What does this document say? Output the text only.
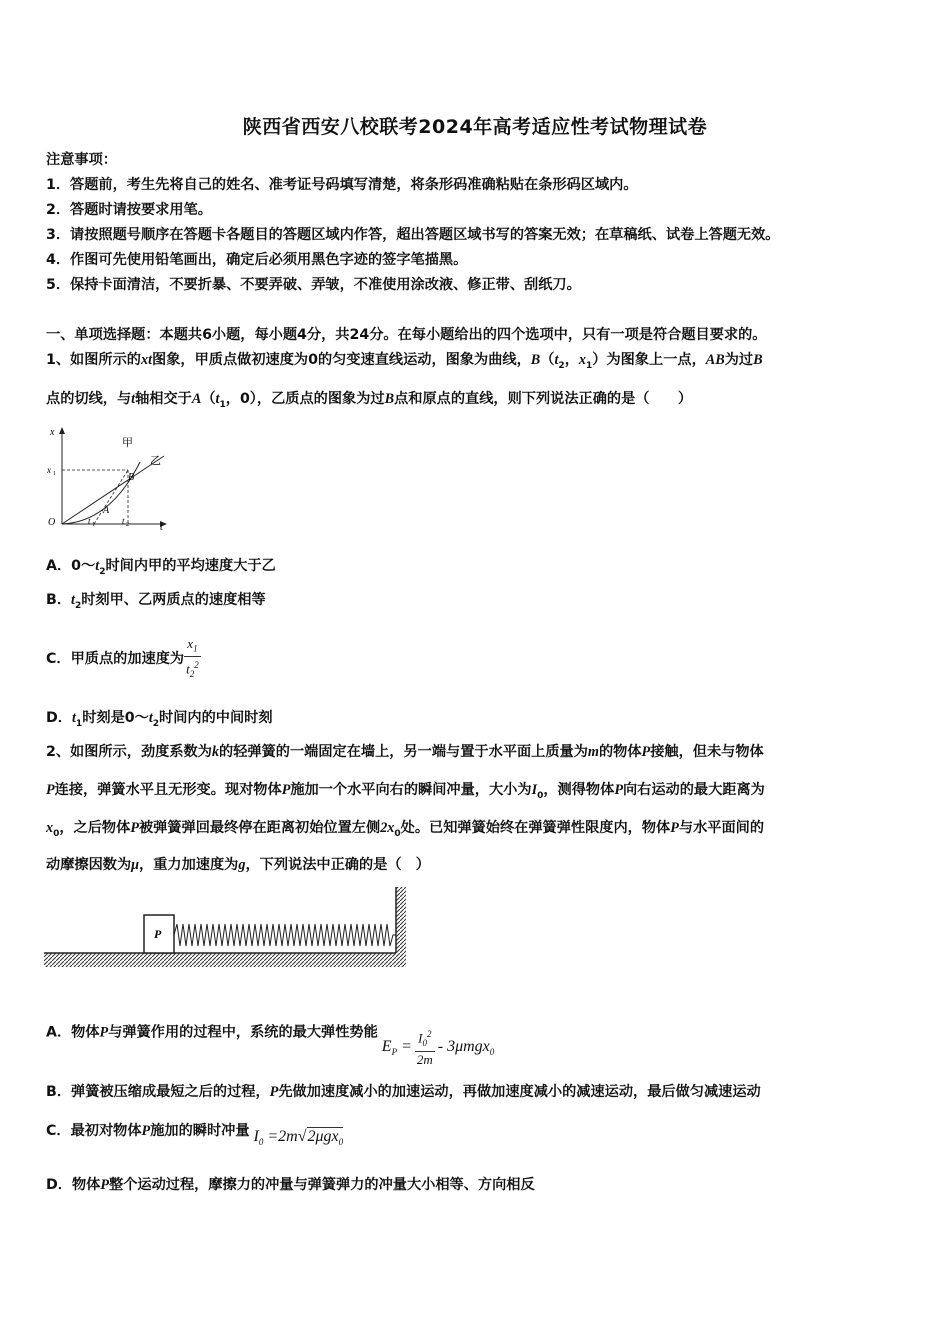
陕西省西安八校联考2024年高考适应性考试物理试卷
注意事项：
1．答题前，考生先将自己的姓名、准考证号码填写清楚，将条形码准确粘贴在条形码区域内。
2．答题时请按要求用笔。
3．请按照题号顺序在答题卡各题目的答题区域内作答，超出答题区域书写的答案无效；在草稿纸、试卷上答题无效。
4．作图可先使用铅笔画出，确定后必须用黑色字迹的签字笔描黑。
5．保持卡面清洁，不要折暴、不要弄破、弄皱，不准使用涂改液、修正带、刮纸刀。
一、单项选择题：本题共6小题，每小题4分，共24分。在每小题给出的四个选项中，只有一项是符合题目要求的。
1、如图所示的xt图象，甲质点做初速度为0的匀变速直线运动，图象为曲线，$B(t_2$，$x_1$）为图象上一点，AB为过B
点的切线，与t轴相交于$A(t_1$，0），乙质点的图象为过B点和原点的直线，则下列说法正确的是（　　）
x
t
O
x 1
t 1	t 2
甲
乙
A
B
A．$0\sim t_2$时间内甲的平均速度大于乙
B．$t_2$时刻甲、乙两质点的速度相等
C．甲质点的加速度为 $\frac{x_1}{t_2^2}$
D．$t_1$时刻是$0\sim t_2$时间内的中间时刻
2、如图所示，劲度系数为k的轻弹簧的一端固定在墙上，另一端与置于水平面上质量为m的物体P接触，但未与物体
P连接，弹簧水平且无形变。现对物体P施加一个水平向右的瞬间冲量，大小为$I_0$，测得物体P向右运动的最大距离为
$x_0$，之后物体P被弹簧弹回最终停在距离初始位置左侧$2x_0$处。已知弹簧始终在弹簧弹性限度内，物体P与水平面间的
动摩擦因数为μ，重力加速度为g，下列说法中正确的是（　）
P
A．物体P与弹簧作用的过程中，系统的最大弹性势能$E_P = \frac{I_0^2}{2m} - 3\mu mgx_0$
B．弹簧被压缩成最短之后的过程，P先做加速度减小的加速运动，再做加速度减小的减速运动，最后做匀减速运动
C．最初对物体P施加的瞬时冲量 $I_0 =2m√2\mu gx_0$
D．物体P整个运动过程，摩擦力的冲量与弹簧弹力的冲量大小相等、方向相反
